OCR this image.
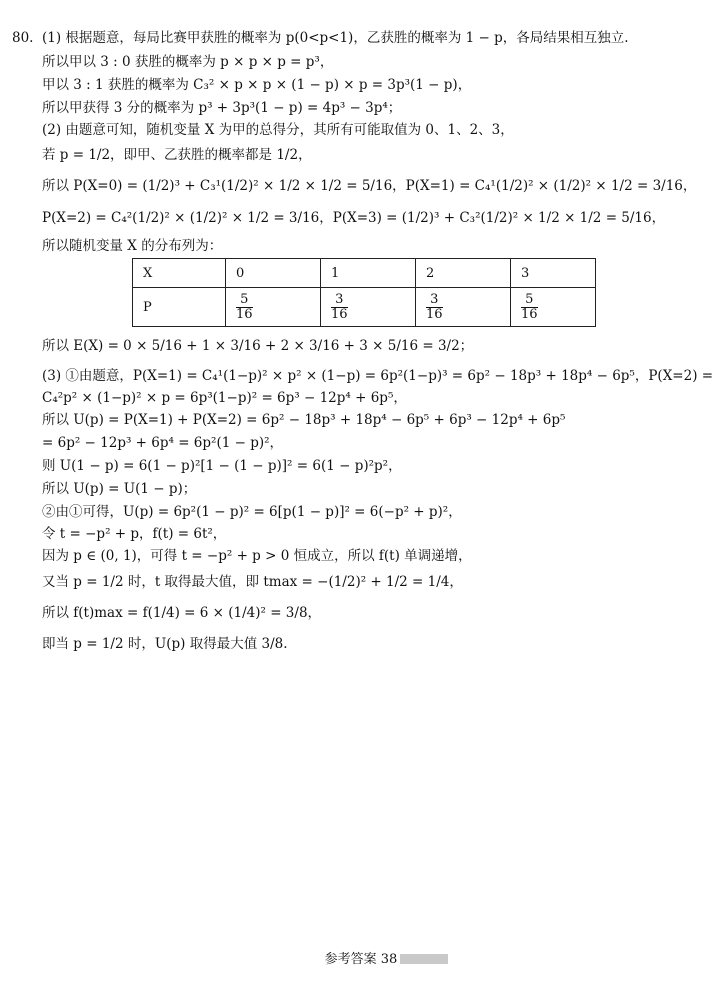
80. (1) 根据题意，每局比赛甲获胜的概率为 p(0<p<1)，乙获胜的概率为 1 − p，各局结果相互独立.
所以甲以 3 : 0 获胜的概率为 p × p × p = p³，
甲以 3 : 1 获胜的概率为 C₃² × p × p × (1 − p) × p = 3p³(1 − p)，
所以甲获得 3 分的概率为 p³ + 3p³(1 − p) = 4p³ − 3p⁴；
(2) 由题意可知，随机变量 X 为甲的总得分，其所有可能取值为 0、1、2、3，
若 p = 1/2，即甲、乙获胜的概率都是 1/2，
所以 P(X=0) = (1/2)³ + C₃¹(1/2)² × 1/2 × 1/2 = 5/16，P(X=1) = C₄¹(1/2)² × (1/2)² × 1/2 = 3/16，
P(X=2) = C₄²(1/2)² × (1/2)² × 1/2 = 3/16，P(X=3) = (1/2)³ + C₃²(1/2)² × 1/2 × 1/2 = 5/16，
所以随机变量 X 的分布列为：
X	0	1	2	3
P	$\frac{5}{16}$	$\frac{3}{16}$	$\frac{3}{16}$	$\frac{5}{16}$
所以 E(X) = 0 × 5/16 + 1 × 3/16 + 2 × 3/16 + 3 × 5/16 = 3/2；
(3) ①由题意，P(X=1) = C₄¹(1−p)² × p² × (1−p) = 6p²(1−p)³ = 6p² − 18p³ + 18p⁴ − 6p⁵，P(X=2) =
C₄²p² × (1−p)² × p = 6p³(1−p)² = 6p³ − 12p⁴ + 6p⁵，
所以 U(p) = P(X=1) + P(X=2) = 6p² − 18p³ + 18p⁴ − 6p⁵ + 6p³ − 12p⁴ + 6p⁵
= 6p² − 12p³ + 6p⁴ = 6p²(1 − p)²，
则 U(1 − p) = 6(1 − p)²[1 − (1 − p)]² = 6(1 − p)²p²，
所以 U(p) = U(1 − p)；
②由①可得，U(p) = 6p²(1 − p)² = 6[p(1 − p)]² = 6(−p² + p)²，
令 t = −p² + p，f(t) = 6t²，
因为 p ∈ (0, 1)，可得 t = −p² + p > 0 恒成立，所以 f(t) 单调递增，
又当 p = 1/2 时，t 取得最大值，即 tmax = −(1/2)² + 1/2 = 1/4，
所以 f(t)max = f(1/4) = 6 × (1/4)² = 3/8，
即当 p = 1/2 时，U(p) 取得最大值 3/8.
参考答案 38
